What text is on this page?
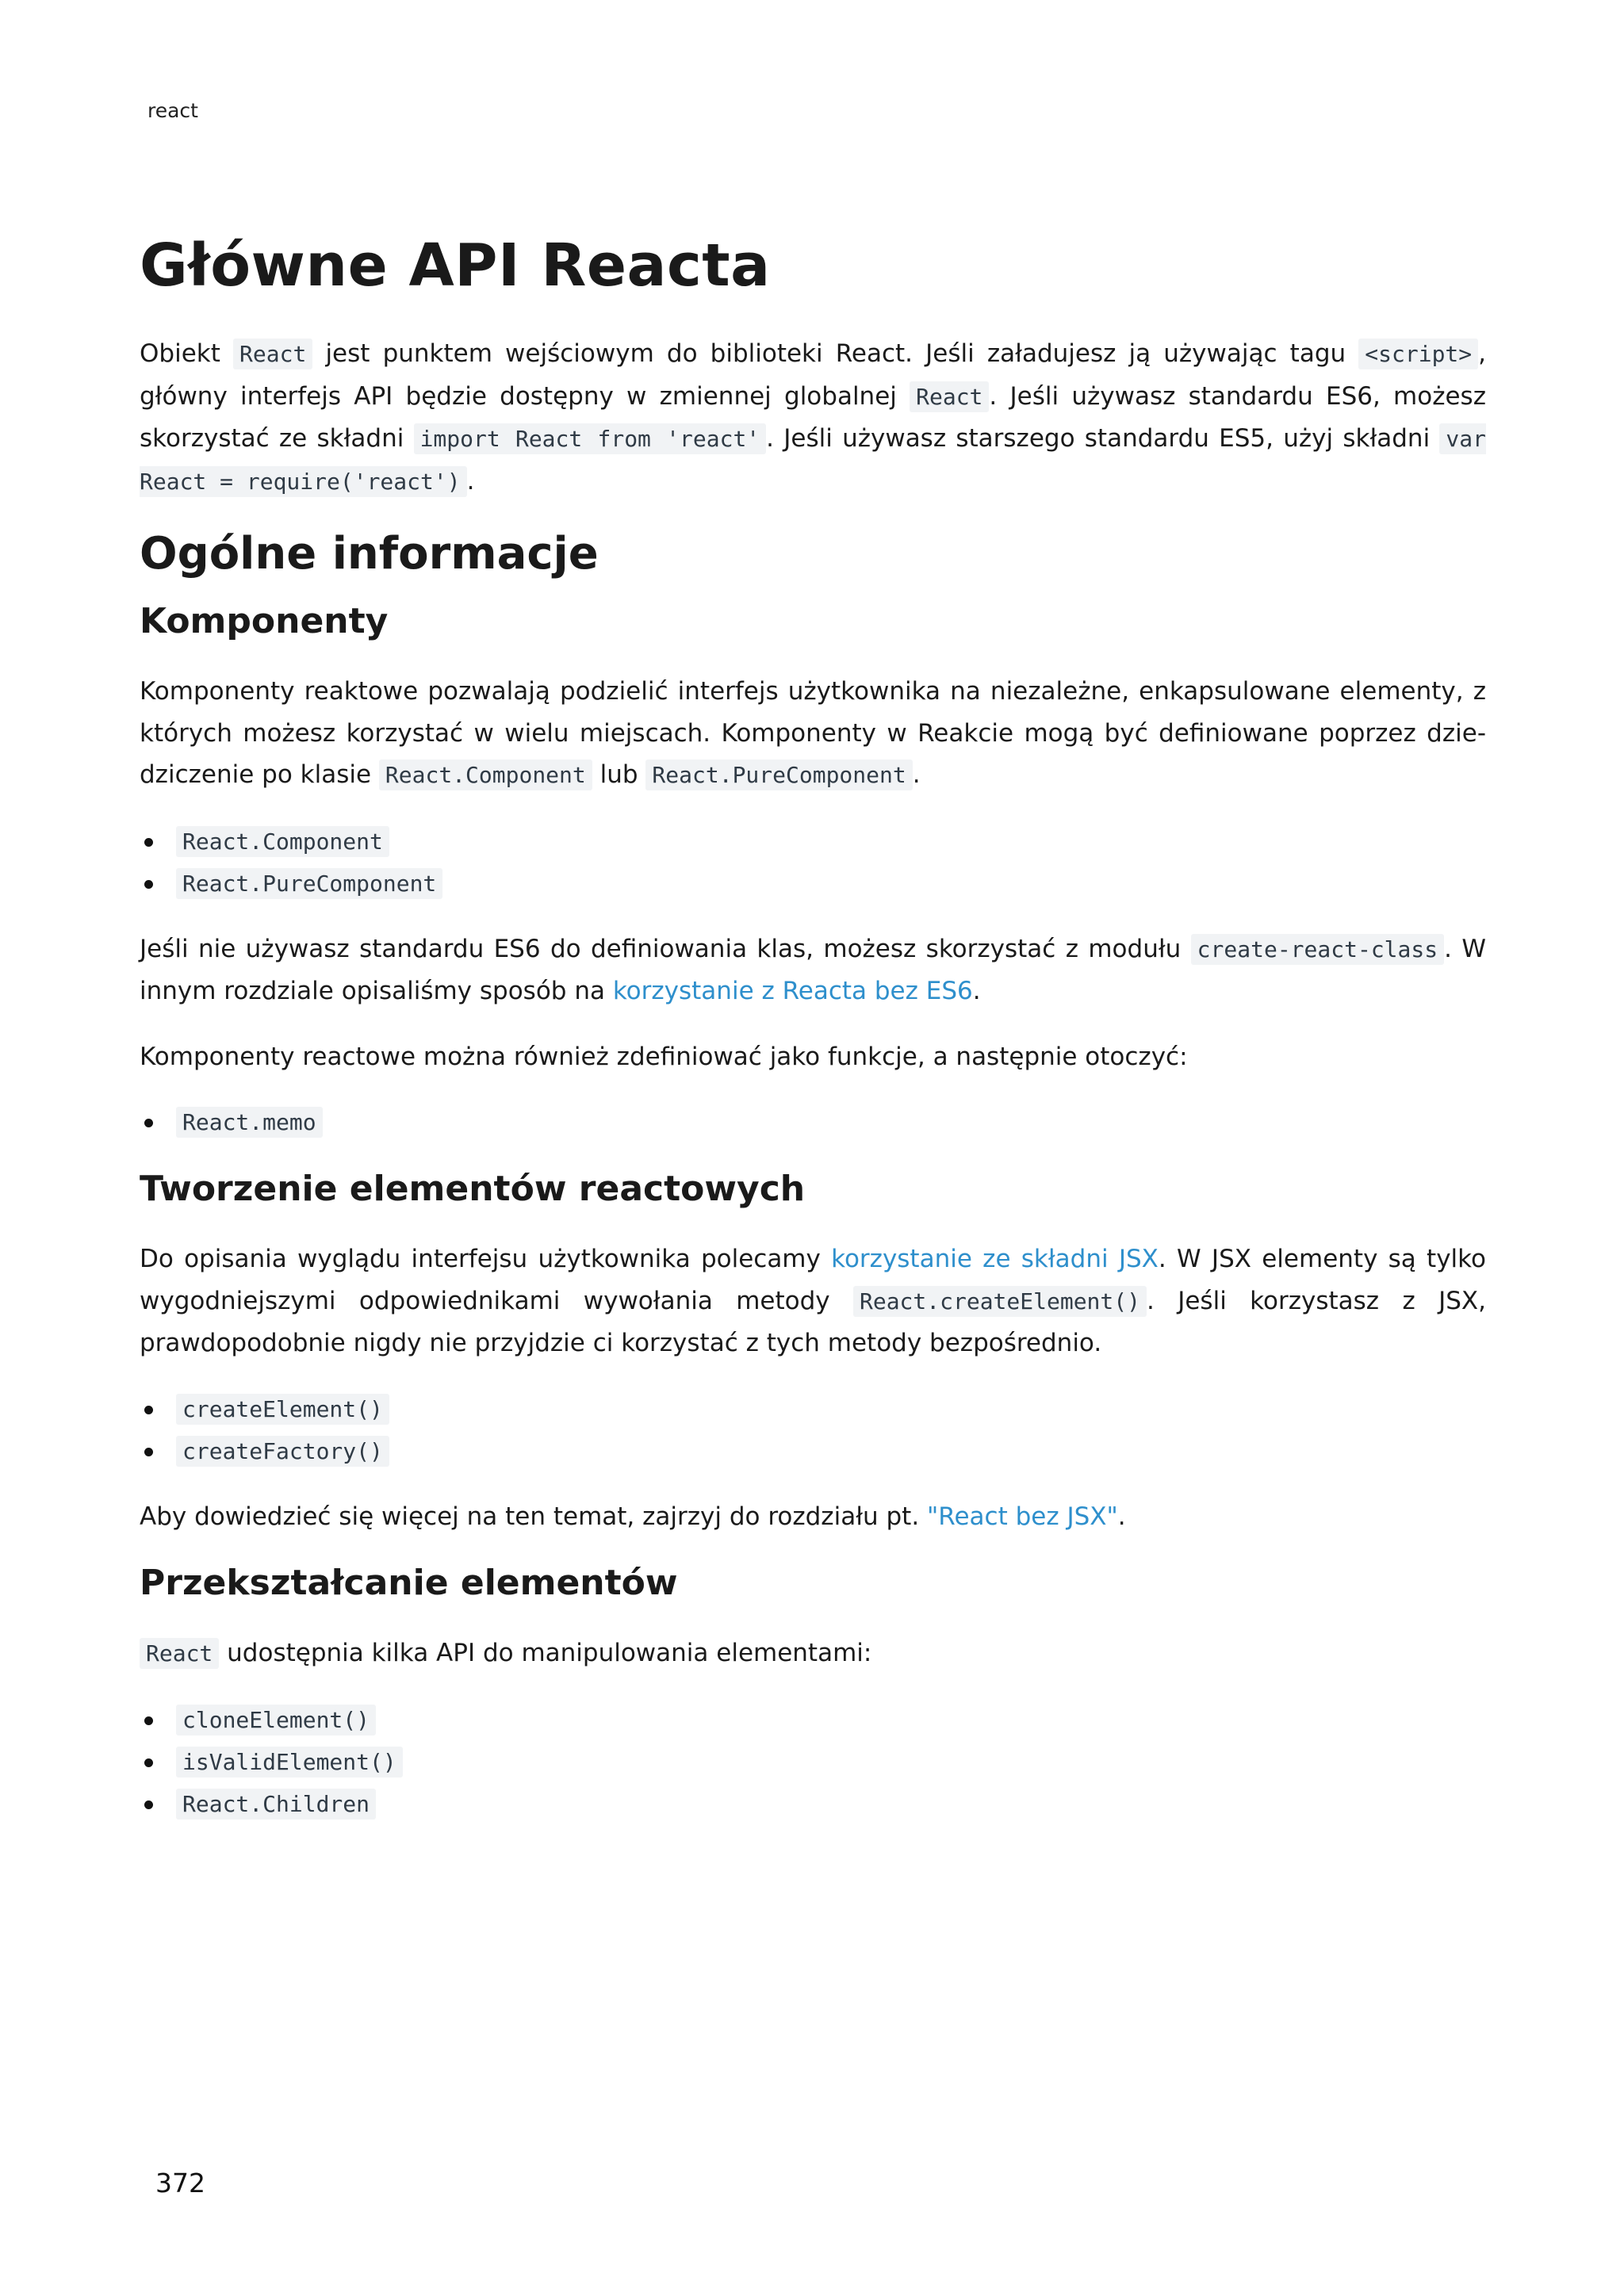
react

Główne API Reacta

Obiekt React jest punktem wejściowym do biblioteki React. Jeśli załadujesz ją używając tagu <script> , główny interfejs API będzie dostępny w zmiennej globalnej React . Jeśli używasz standardu ES6, możesz skorzystać ze składni import React from 'react' . Jeśli używasz starszego standardu ES5, użyj składni var React = require('react') .

Ogólne informacje
Komponenty

Komponenty reaktowe pozwalają podzielić interfejs użytkownika na niezależne, enkapsulowane elementy, z których możesz korzystać w wielu miejscach. Komponenty w Reakcie mogą być definiowane poprzez dziedziczenie po klasie React.Component lub React.PureComponent .

React.Component
React.PureComponent

Jeśli nie używasz standardu ES6 do definiowania klas, możesz skorzystać z modułu create-react-class . W innym rozdziale opisaliśmy sposób na korzystanie z Reacta bez ES6.

Komponenty reactowe można również zdefiniować jako funkcje, a następnie otoczyć:

React.memo
Tworzenie elementów reactowych

Do opisania wyglądu interfejsu użytkownika polecamy korzystanie ze składni JSX. W JSX elementy są tylko wygodniejszymi odpowiednikami wywołania metody React.createElement() . Jeśli korzystasz z JSX, prawdopodobnie nigdy nie przyjdzie ci korzystać z tych metody bezpośrednio.

createElement()
createFactory()

Aby dowiedzieć się więcej na ten temat, zajrzyj do rozdziału pt. "React bez JSX".

Przekształcanie elementów

React udostępnia kilka API do manipulowania elementami:

cloneElement()
isValidElement()
React.Children

372
